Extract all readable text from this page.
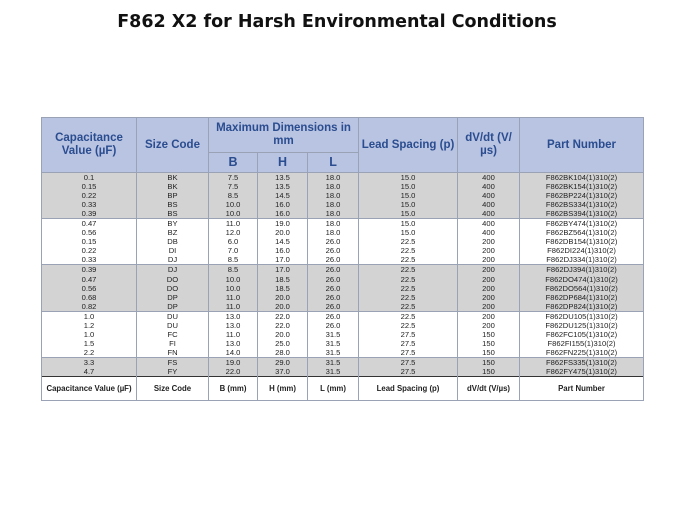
F862 X2 for Harsh Environmental Conditions
Capacitance Value (µF)	Size Code	Maximum Dimensions in mm			Lead Spacing (p)	dV/dt (V/µs)	Part Number
		B	H	L			
0.1	BK	7.5	13.5	18.0	15.0	400	F862BK104(1)310(2)
0.15	BK	7.5	13.5	18.0	15.0	400	F862BK154(1)310(2)
0.22	BP	8.5	14.5	18.0	15.0	400	F862BP224(1)310(2)
0.33	BS	10.0	16.0	18.0	15.0	400	F862BS334(1)310(2)
0.39	BS	10.0	16.0	18.0	15.0	400	F862BS394(1)310(2)
0.47	BY	11.0	19.0	18.0	15.0	400	F862BY474(1)310(2)
0.56	BZ	12.0	20.0	18.0	15.0	400	F862BZ564(1)310(2)
0.15	DB	6.0	14.5	26.0	22.5	200	F862DB154(1)310(2)
0.22	DI	7.0	16.0	26.0	22.5	200	F862DI224(1)310(2)
0.33	DJ	8.5	17.0	26.0	22.5	200	F862DJ334(1)310(2)
0.39	DJ	8.5	17.0	26.0	22.5	200	F862DJ394(1)310(2)
0.47	DO	10.0	18.5	26.0	22.5	200	F862DO474(1)310(2)
0.56	DO	10.0	18.5	26.0	22.5	200	F862DO564(1)310(2)
0.68	DP	11.0	20.0	26.0	22.5	200	F862DP684(1)310(2)
0.82	DP	11.0	20.0	26.0	22.5	200	F862DP824(1)310(2)
1.0	DU	13.0	22.0	26.0	22.5	200	F862DU105(1)310(2)
1.2	DU	13.0	22.0	26.0	22.5	200	F862DU125(1)310(2)
1.0	FC	11.0	20.0	31.5	27.5	150	F862FC105(1)310(2)
1.5	FI	13.0	25.0	31.5	27.5	150	F862FI155(1)310(2)
2.2	FN	14.0	28.0	31.5	27.5	150	F862FN225(1)310(2)
3.3	FS	19.0	29.0	31.5	27.5	150	F862FS335(1)310(2)
4.7	FY	22.0	37.0	31.5	27.5	150	F862FY475(1)310(2)
Capacitance Value (µF)	Size Code	B (mm)	H (mm)	L (mm)	Lead Spacing (p)	dV/dt (V/µs)	Part Number
